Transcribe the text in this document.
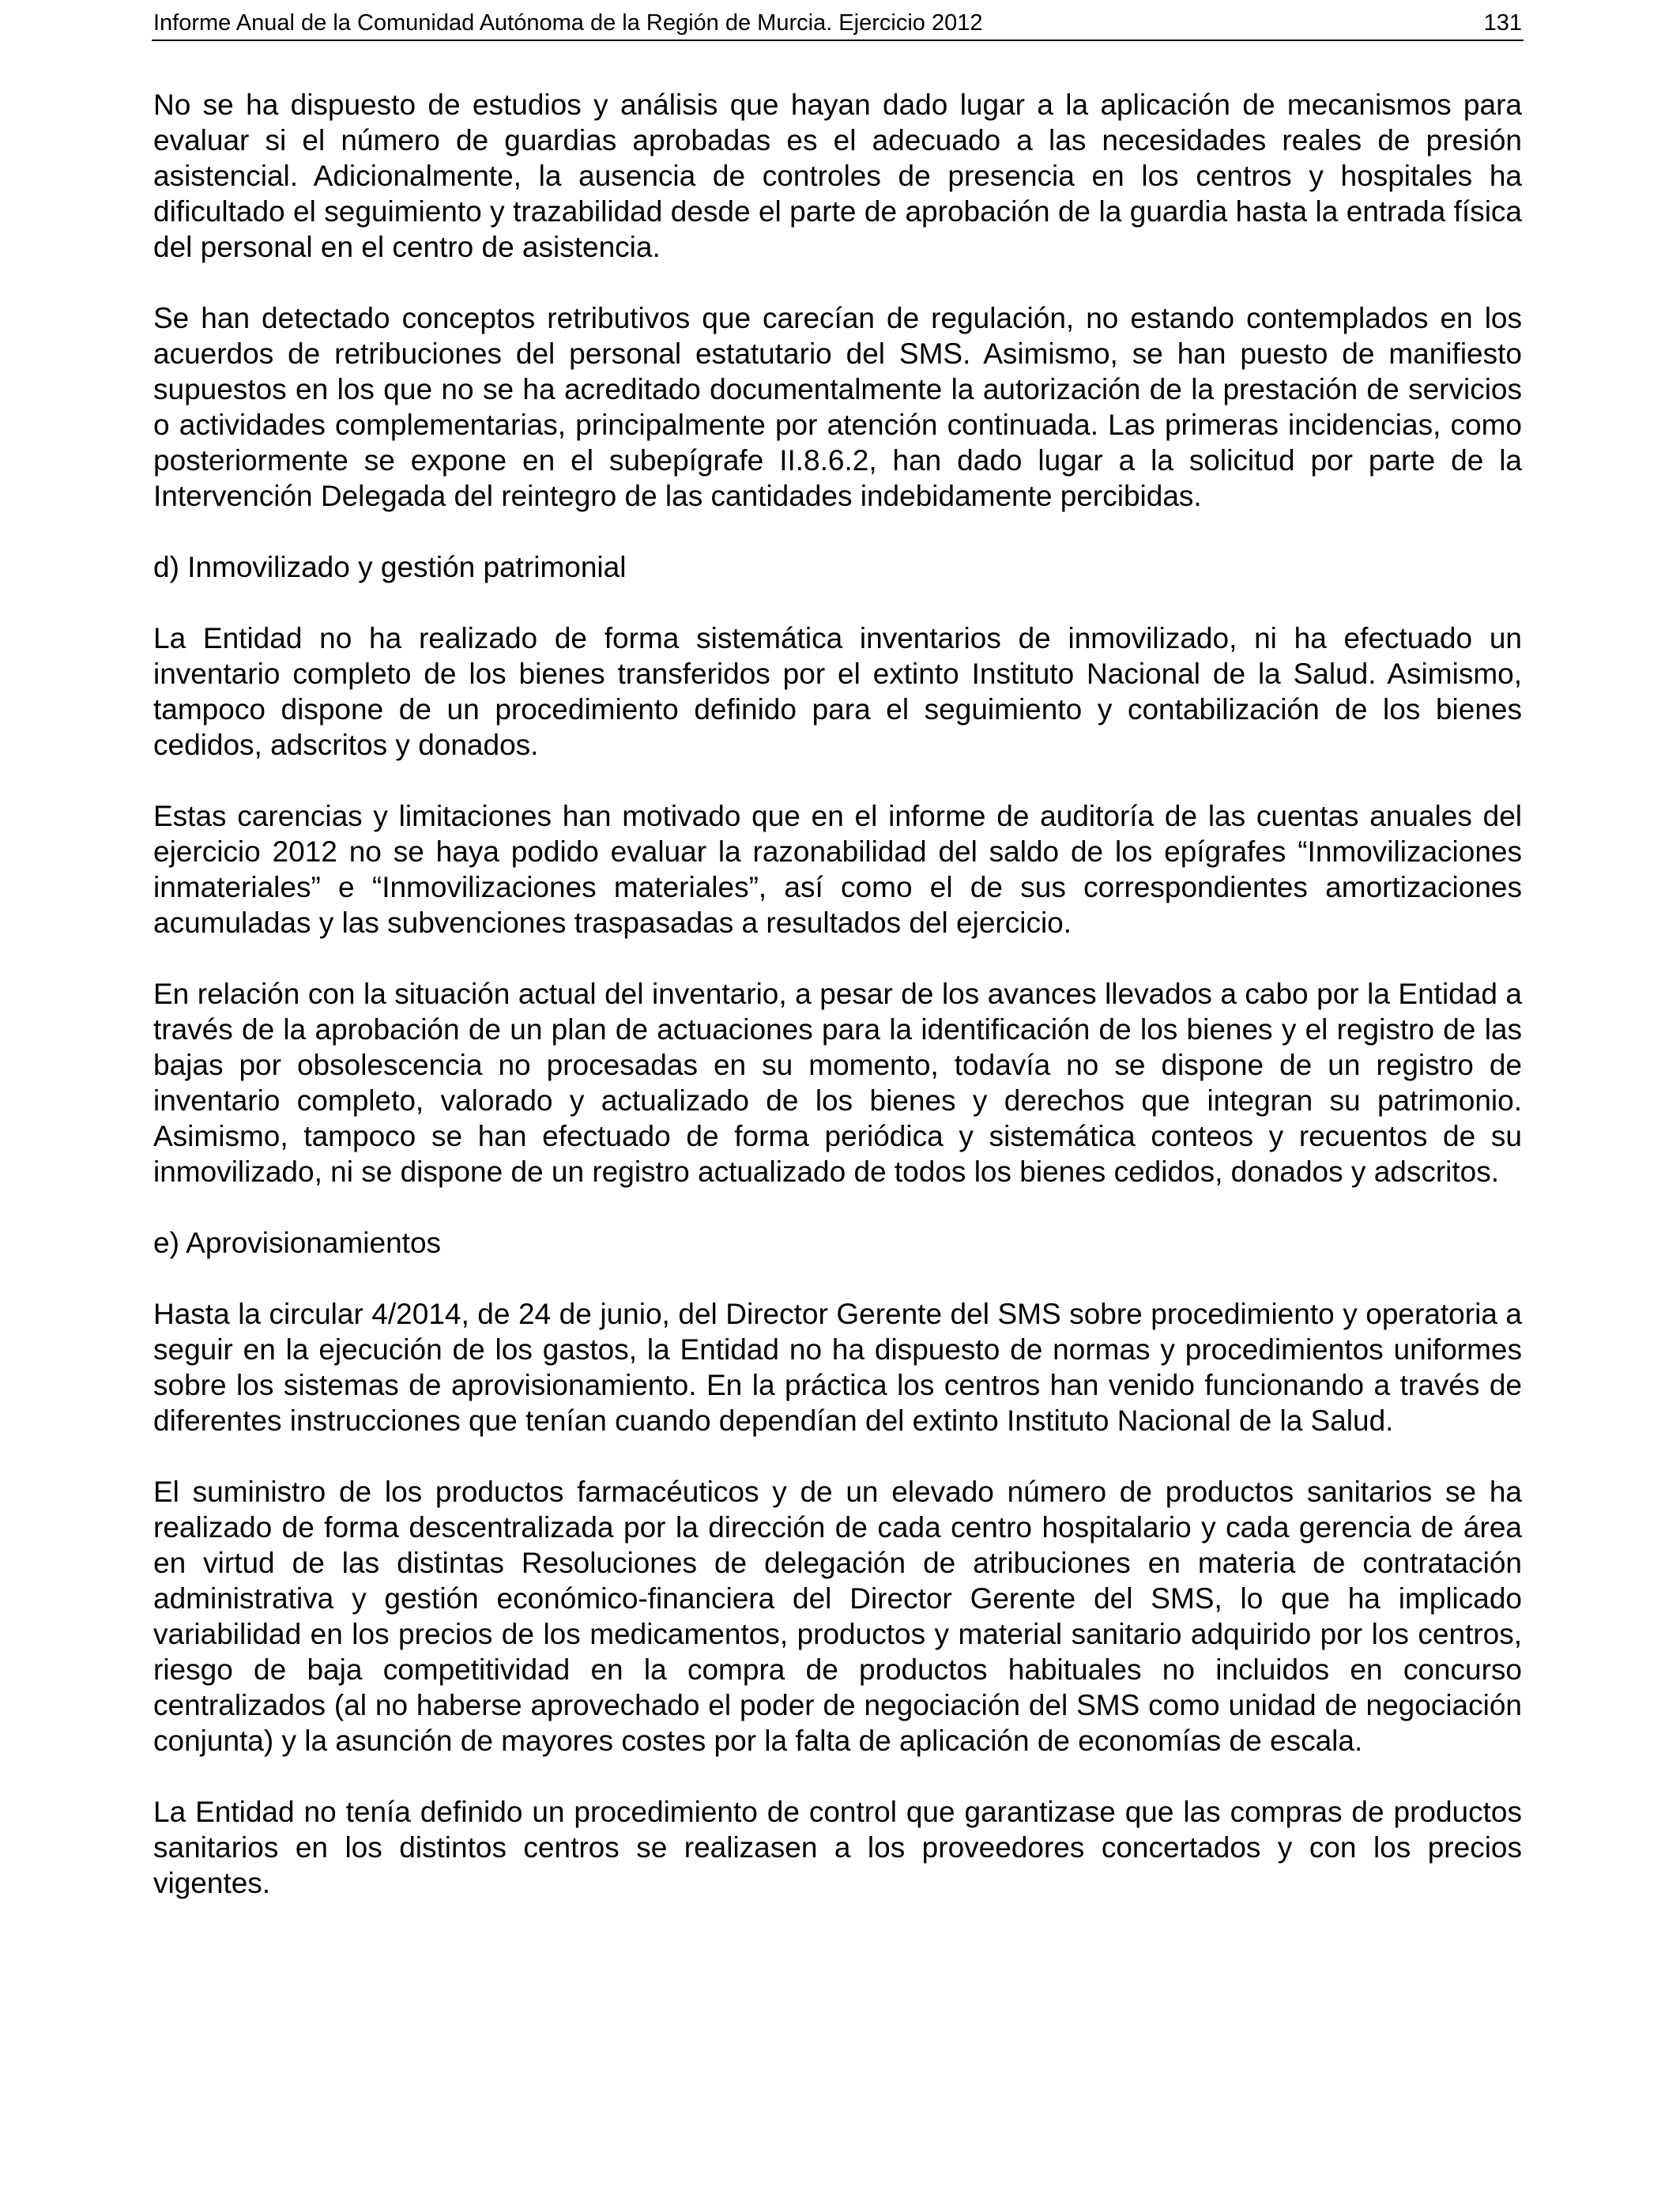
Informe Anual de la Comunidad Autónoma de la Región de Murcia. Ejercicio 2012	131

No se ha dispuesto de estudios y análisis que hayan dado lugar a la aplicación de mecanismos para evaluar si el número de guardias aprobadas es el adecuado a las necesidades reales de presión asistencial. Adicionalmente, la ausencia de controles de presencia en los centros y hospitales ha dificultado el seguimiento y trazabilidad desde el parte de aprobación de la guardia hasta la entrada física del personal en el centro de asistencia.

Se han detectado conceptos retributivos que carecían de regulación, no estando contemplados en los acuerdos de retribuciones del personal estatutario del SMS. Asimismo, se han puesto de manifiesto supuestos en los que no se ha acreditado documentalmente la autorización de la prestación de servicios o actividades complementarias, principalmente por atención continuada. Las primeras incidencias, como posteriormente se expone en el subepígrafe II.8.6.2, han dado lugar a la solicitud por parte de la Intervención Delegada del reintegro de las cantidades indebidamente percibidas.

d) Inmovilizado y gestión patrimonial

La Entidad no ha realizado de forma sistemática inventarios de inmovilizado, ni ha efectuado un inventario completo de los bienes transferidos por el extinto Instituto Nacional de la Salud. Asimismo, tampoco dispone de un procedimiento definido para el seguimiento y contabilización de los bienes cedidos, adscritos y donados.

Estas carencias y limitaciones han motivado que en el informe de auditoría de las cuentas anuales del ejercicio 2012 no se haya podido evaluar la razonabilidad del saldo de los epígrafes “Inmovilizaciones inmateriales” e “Inmovilizaciones materiales”, así como el de sus correspondientes amortizaciones acumuladas y las subvenciones traspasadas a resultados del ejercicio.

En relación con la situación actual del inventario, a pesar de los avances llevados a cabo por la Entidad a través de la aprobación de un plan de actuaciones para la identificación de los bienes y el registro de las bajas por obsolescencia no procesadas en su momento, todavía no se dispone de un registro de inventario completo, valorado y actualizado de los bienes y derechos que integran su patrimonio. Asimismo, tampoco se han efectuado de forma periódica y sistemática conteos y recuentos de su inmovilizado, ni se dispone de un registro actualizado de todos los bienes cedidos, donados y adscritos.

e) Aprovisionamientos

Hasta la circular 4/2014, de 24 de junio, del Director Gerente del SMS sobre procedimiento y operatoria a seguir en la ejecución de los gastos, la Entidad no ha dispuesto de normas y procedimientos uniformes sobre los sistemas de aprovisionamiento. En la práctica los centros han venido funcionando a través de diferentes instrucciones que tenían cuando dependían del extinto Instituto Nacional de la Salud.

El suministro de los productos farmacéuticos y de un elevado número de productos sanitarios se ha realizado de forma descentralizada por la dirección de cada centro hospitalario y cada gerencia de área en virtud de las distintas Resoluciones de delegación de atribuciones en materia de contratación administrativa y gestión económico-financiera del Director Gerente del SMS, lo que ha implicado variabilidad en los precios de los medicamentos, productos y material sanitario adquirido por los centros, riesgo de baja competitividad en la compra de productos habituales no incluidos en concurso centralizados (al no haberse aprovechado el poder de negociación del SMS como unidad de negociación conjunta) y la asunción de mayores costes por la falta de aplicación de economías de escala.

La Entidad no tenía definido un procedimiento de control que garantizase que las compras de productos sanitarios en los distintos centros se realizasen a los proveedores concertados y con los precios vigentes.
